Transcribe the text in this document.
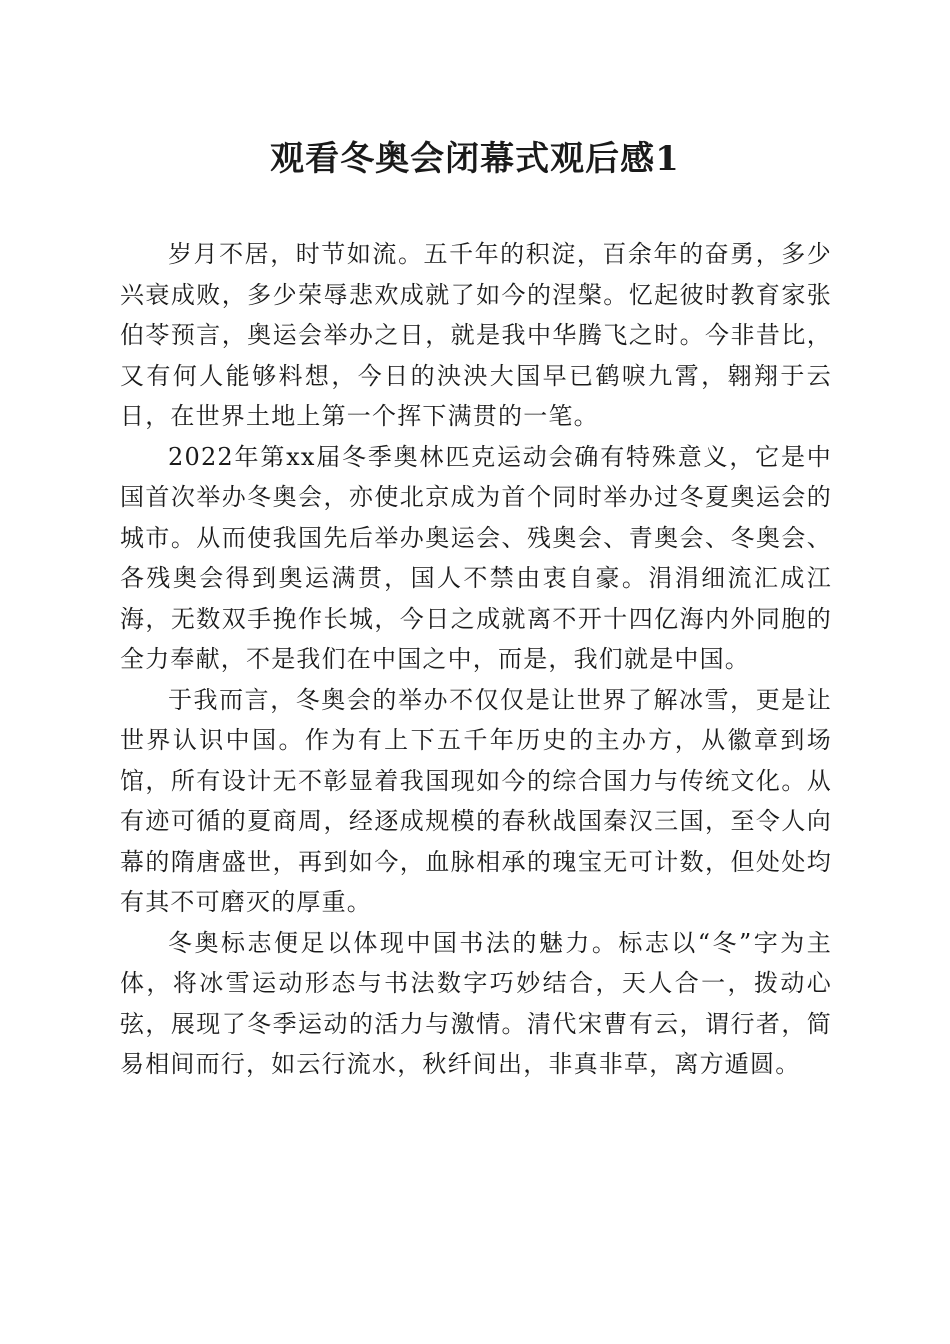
观看冬奥会闭幕式观后感1

岁月不居，时节如流。五千年的积淀，百余年的奋勇，多少兴衰成败，多少荣辱悲欢成就了如今的涅槃。忆起彼时教育家张伯苓预言，奥运会举办之日，就是我中华腾飞之时。今非昔比，又有何人能够料想，今日的泱泱大国早已鹤唳九霄，翱翔于云日，在世界土地上第一个挥下满贯的一笔。

2022年第xx届冬季奥林匹克运动会确有特殊意义，它是中国首次举办冬奥会，亦使北京成为首个同时举办过冬夏奥运会的城市。从而使我国先后举办奥运会、残奥会、青奥会、冬奥会、各残奥会得到奥运满贯，国人不禁由衷自豪。涓涓细流汇成江海，无数双手挽作长城，今日之成就离不开十四亿海内外同胞的全力奉献，不是我们在中国之中，而是，我们就是中国。

于我而言，冬奥会的举办不仅仅是让世界了解冰雪，更是让世界认识中国。作为有上下五千年历史的主办方，从徽章到场馆，所有设计无不彰显着我国现如今的综合国力与传统文化。从有迹可循的夏商周，经逐成规模的春秋战国秦汉三国，至令人向幕的隋唐盛世，再到如今，血脉相承的瑰宝无可计数，但处处均有其不可磨灭的厚重。

冬奥标志便足以体现中国书法的魅力。标志以“冬”字为主体，将冰雪运动形态与书法数字巧妙结合，天人合一，拨动心弦，展现了冬季运动的活力与激情。清代宋曹有云，谓行者，简易相间而行，如云行流水，秋纤间出，非真非草，离方遁圆。
